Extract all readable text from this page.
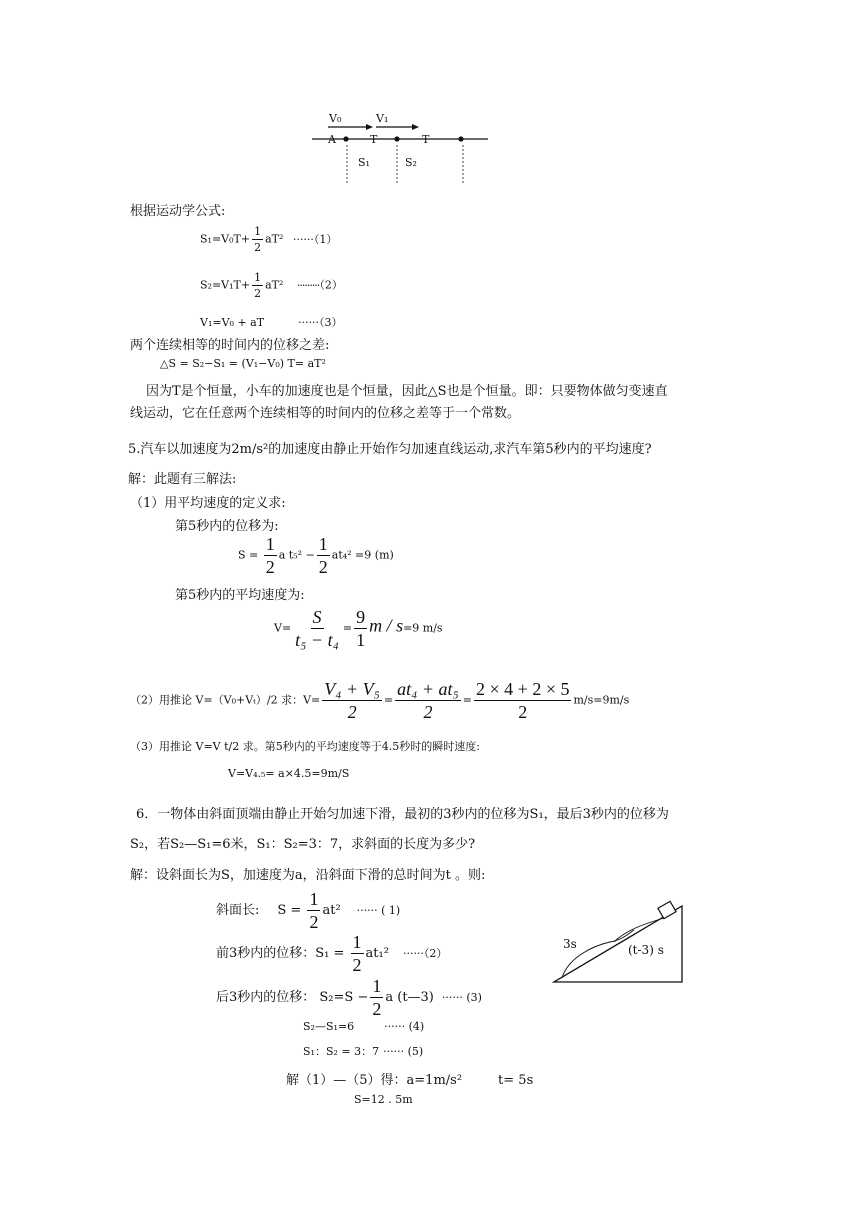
V₀	V₁
A	T	T
S₁	S₂
根据运动学公式:
$S_1=V_0T+ \frac{1}{2} aT^2 \cdot\cdot\cdot\cdot\cdot\cdot(1)$
$S_2=V_1T+ \frac{1}{2} aT^2 \cdot\cdot\cdot\cdot\cdot\cdot\cdot\cdot\cdot(2)$
V₁=V₀ + aT	······（3）
两个连续相等的时间内的位移之差:
△S = S₂−S₁ = (V₁−V₀) T= aT²
因为T是个恒量，小车的加速度也是个恒量，因此△S也是个恒量。即：只要物体做匀变速直
线运动，它在任意两个连续相等的时间内的位移之差等于一个常数。
5.汽车以加速度为2m/s²的加速度由静止开始作匀加速直线运动,求汽车第5秒内的平均速度?
解：此题有三解法:
（1）用平均速度的定义求:
第5秒内的位移为:
$S = \frac{1}{2}$ a $t_5^2 - \frac{1}{2} at_4^2 =9$ (m)
第5秒内的平均速度为:
$V= \frac{S}{\text{t₅ − t₄}} = \frac{9}{1}$ m / s=9 m/s
（2）用推论 V=（V₀+Vₜ）/2 求：$V= \frac{\text{V₄ + V₅}}{2} = \frac{\text{at₄ + at₅}}{2} = \frac{2 \times 4 + 2 \times 5}{2} m/s=9m/s$
（3）用推论 V=V t/2 求。第5秒内的平均速度等于4.5秒时的瞬时速度:
V=V₄.₅= a×4.5=9m/S
6．一物体由斜面顶端由静止开始匀加速下滑，最初的3秒内的位移为S₁，最后3秒内的位移为
S₂，若S₂—S₁=6米，S₁：S₂=3：7，求斜面的长度为多少?
解：设斜面长为S，加速度为a，沿斜面下滑的总时间为t 。则:
斜面长: $S = \frac{1}{2} at^2$ ······ ( 1)
前3秒内的位移：$S_1 = \frac{1}{2} at_1^2 \cdot\cdot\cdot\cdot\cdot\cdot(2)$
后3秒内的位移： $S_2=S - \frac{1}{2}$ a (t—3) ······ (3)
S₂—S₁=6	······ (4)
S₁：S₂ = 3：7 ······ (5)
解（1）—（5）得：a=1m/s²	t= 5s
S=12 . 5m
3s	(t-3) s
